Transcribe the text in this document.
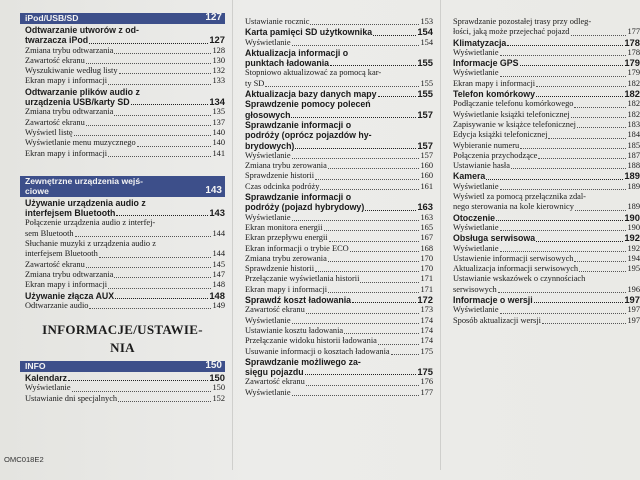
iPod/USB/SD	127
Odtwarzanie utworów z od-
twarzacza iPod	127
Zmiana trybu odtwarzania	128
Zawartość ekranu	130
Wyszukiwanie według listy	132
Ekran mapy i informacji	133
Odtwarzanie plików audio z
urządzenia USB/karty SD	134
Zmiana trybu odtwarzania	135
Zawartość ekranu	137
Wyświetl listę	140
Wyświetlanie menu muzycznego	140
Ekran mapy i informacji	141
Zewnętrzne urządzenia wejś-
ciowe	143
Używanie urządzenia audio z
interfejsem Bluetooth	143
Połączenie urządzenia audio z interfej-
sem Bluetooth	144
Słuchanie muzyki z urządzenia audio z
interfejsem Bluetooth	144
Zawartość ekranu	145
Zmiana trybu odtwarzania	147
Ekran mapy i informacji	148
Używanie złącza AUX	148
Odtwarzanie audio	149
INFORMACJE/USTAWIE-
NIA
INFO	150
Kalendarz	150
Wyświetlanie	150
Ustawianie dni specjalnych	152
Ustawianie rocznic	153
Karta pamięci SD użytkownika	154
Wyświetlanie	154
Aktualizacja informacji o
punktach ładowania	155
Stopniowo aktualizować za pomocą kar-
ty SD	155
Aktualizacja bazy danych mapy	155
Sprawdzenie pomocy poleceń
głosowych	157
Sprawdzanie informacji o
podróży (oprócz pojazdów hy-
brydowych)	157
Wyświetlanie	157
Zmiana trybu zerowania	160
Sprawdzenie historii	160
Czas odcinka podróży	161
Sprawdzanie informacji o
podróży (pojazd hybrydowy)	163
Wyświetlanie	163
Ekran monitora energii	165
Ekran przepływu energii	167
Ekran informacji o trybie ECO	168
Zmiana trybu zerowania	170
Sprawdzenie historii	170
Przełączanie wyświetlania historii	171
Ekran mapy i informacji	171
Sprawdź koszt ładowania	172
Zawartość ekranu	173
Wyświetlanie	174
Ustawianie kosztu ładowania	174
Przełączanie widoku historii ładowania	174
Usuwanie informacji o kosztach ładowania	175
Sprawdzanie możliwego za-
sięgu pojazdu	175
Zawartość ekranu	176
Wyświetlanie	177
Sprawdzanie pozostałej trasy przy odleg-
łości, jaką może przejechać pojazd	177
Klimatyzacja	178
Wyświetlanie	178
Informacje GPS	179
Wyświetlanie	179
Ekran mapy i informacji	182
Telefon komórkowy	182
Podłączanie telefonu komórkowego	182
Wyświetlanie książki telefonicznej	182
Zapisywanie w książce telefonicznej	183
Edycja książki telefonicznej	184
Wybieranie numeru	185
Połączenia przychodzące	187
Ustawianie hasła	188
Kamera	189
Wyświetlanie	189
Wyświetl za pomocą przełącznika zdal-
nego sterowania na kole kierownicy	189
Otoczenie	190
Wyświetlanie	190
Obsługa serwisowa	192
Wyświetlanie	192
Ustawienie informacji serwisowych	194
Aktualizacja informacji serwisowych	195
Ustawianie wskazówek o czynnościach
serwisowych	196
Informacje o wersji	197
Wyświetlanie	197
Sposób aktualizacji wersji	197
OMC018E2
